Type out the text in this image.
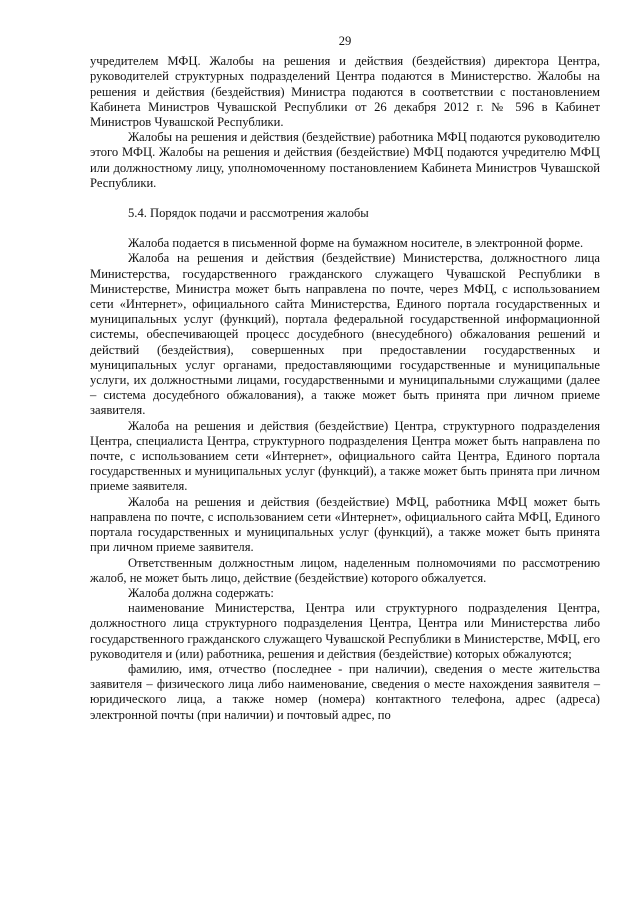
29

учредителем МФЦ. Жалобы на решения и действия (бездействия) директора Центра, руководителей структурных подразделений Центра подаются в Министерство. Жалобы на решения и действия (бездействия) Министра подаются в соответствии с постановлением Кабинета Министров Чувашской Республики от 26 декабря 2012 г. № 596 в Кабинет Министров Чувашской Республики.

Жалобы на решения и действия (бездействие) работника МФЦ подаются руководителю этого МФЦ. Жалобы на решения и действия (бездействие) МФЦ подаются учредителю МФЦ или должностному лицу, уполномоченному постановлением Кабинета Министров Чувашской Республики.

5.4. Порядок подачи и рассмотрения жалобы

Жалоба подается в письменной форме на бумажном носителе, в электронной форме.

Жалоба на решения и действия (бездействие) Министерства, должностного лица Министерства, государственного гражданского служащего Чувашской Республики в Министерстве, Министра может быть направлена по почте, через МФЦ, с использованием сети «Интернет», официального сайта Министерства, Единого портала государственных и муниципальных услуг (функций), портала федеральной государственной информационной системы, обеспечивающей процесс досудебного (внесудебного) обжалования решений и действий (бездействия), совершенных при предоставлении государственных и муниципальных услуг органами, предоставляющими государственные и муниципальные услуги, их должностными лицами, государственными и муниципальными служащими (далее – система досудебного обжалования), а также может быть принята при личном приеме заявителя.

Жалоба на решения и действия (бездействие) Центра, структурного подразделения Центра, специалиста Центра, структурного подразделения Центра может быть направлена по почте, с использованием сети «Интернет», официального сайта Центра, Единого портала государственных и муниципальных услуг (функций), а также может быть принята при личном приеме заявителя.

Жалоба на решения и действия (бездействие) МФЦ, работника МФЦ может быть направлена по почте, с использованием сети «Интернет», официального сайта МФЦ, Единого портала государственных и муниципальных услуг (функций), а также может быть принята при личном приеме заявителя.

Ответственным должностным лицом, наделенным полномочиями по рассмотрению жалоб, не может быть лицо, действие (бездействие) которого обжалуется.

Жалоба должна содержать:

наименование Министерства, Центра или структурного подразделения Центра, должностного лица структурного подразделения Центра, Центра или Министерства либо государственного гражданского служащего Чувашской Республики в Министерстве, МФЦ, его руководителя и (или) работника, решения и действия (бездействие) которых обжалуются;

фамилию, имя, отчество (последнее - при наличии), сведения о месте жительства заявителя – физического лица либо наименование, сведения о месте нахождения заявителя – юридического лица, а также номер (номера) контактного телефона, адрес (адреса) электронной почты (при наличии) и почтовый адрес, по
